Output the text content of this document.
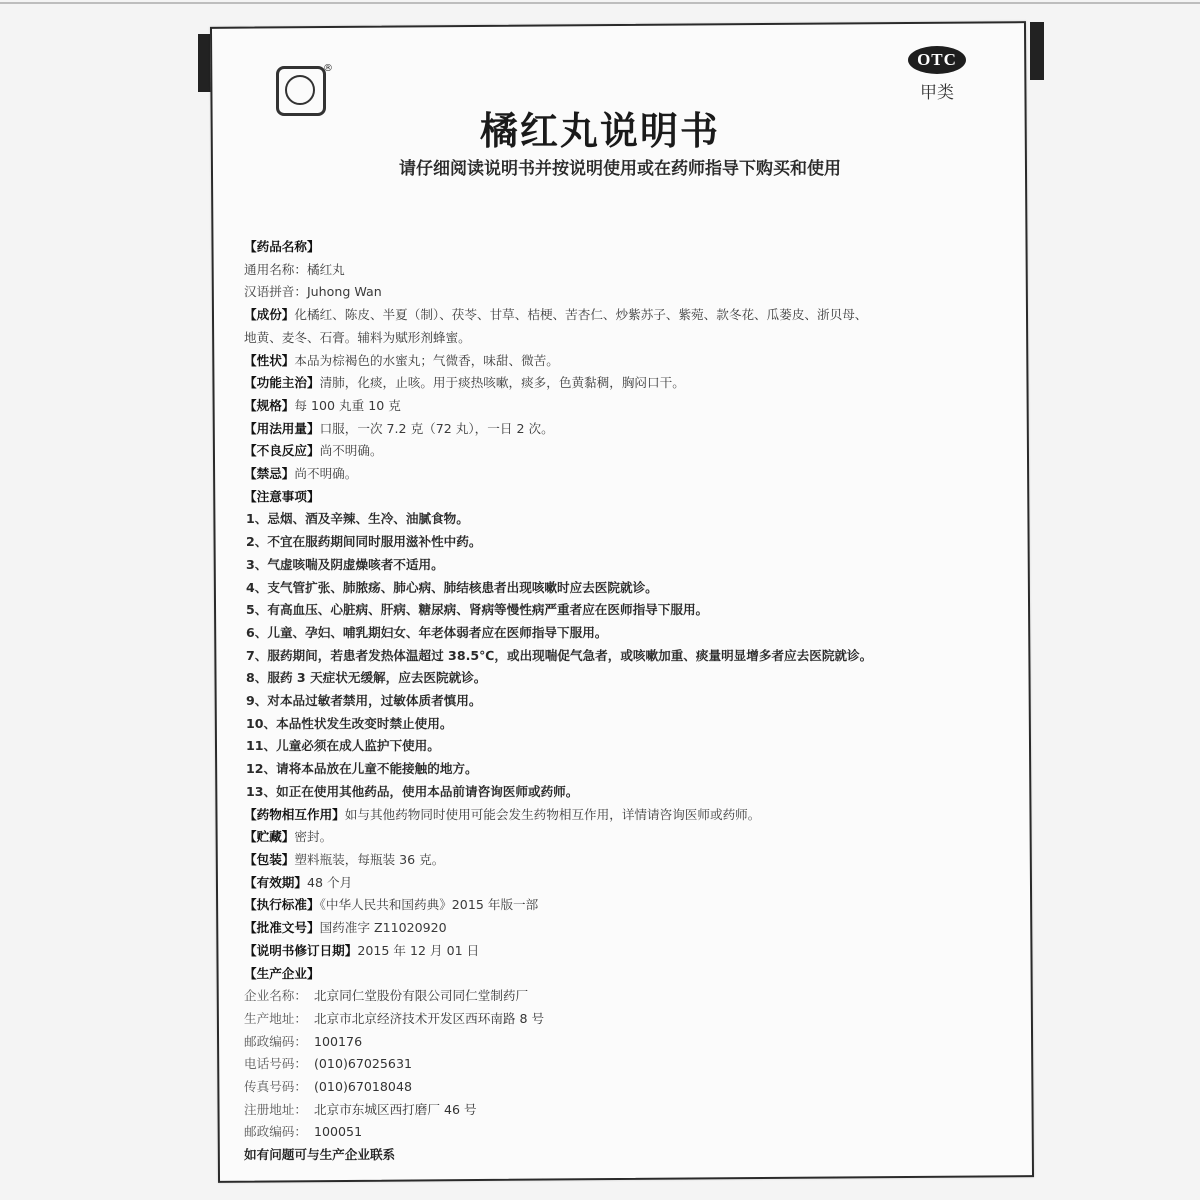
®	OTC
甲类
橘红丸说明书
请仔细阅读说明书并按说明使用或在药师指导下购买和使用
【药品名称】
通用名称：橘红丸
汉语拼音：Juhong Wan
【成份】化橘红、陈皮、半夏（制）、茯苓、甘草、桔梗、苦杏仁、炒紫苏子、紫菀、款冬花、瓜蒌皮、浙贝母、
地黄、麦冬、石膏。辅料为赋形剂蜂蜜。
【性状】本品为棕褐色的水蜜丸；气微香，味甜、微苦。
【功能主治】清肺，化痰，止咳。用于痰热咳嗽，痰多，色黄黏稠，胸闷口干。
【规格】每 100 丸重 10 克
【用法用量】口服，一次 7.2 克（72 丸），一日 2 次。
【不良反应】尚不明确。
【禁忌】尚不明确。
【注意事项】
1、忌烟、酒及辛辣、生冷、油腻食物。
2、不宜在服药期间同时服用滋补性中药。
3、气虚咳喘及阴虚燥咳者不适用。
4、支气管扩张、肺脓疡、肺心病、肺结核患者出现咳嗽时应去医院就诊。
5、有高血压、心脏病、肝病、糖尿病、肾病等慢性病严重者应在医师指导下服用。
6、儿童、孕妇、哺乳期妇女、年老体弱者应在医师指导下服用。
7、服药期间，若患者发热体温超过 38.5℃，或出现喘促气急者，或咳嗽加重、痰量明显增多者应去医院就诊。
8、服药 3 天症状无缓解，应去医院就诊。
9、对本品过敏者禁用，过敏体质者慎用。
10、本品性状发生改变时禁止使用。
11、儿童必须在成人监护下使用。
12、请将本品放在儿童不能接触的地方。
13、如正在使用其他药品，使用本品前请咨询医师或药师。
【药物相互作用】如与其他药物同时使用可能会发生药物相互作用，详情请咨询医师或药师。
【贮藏】密封。
【包装】塑料瓶装，每瓶装 36 克。
【有效期】48 个月
【执行标准】《中华人民共和国药典》2015 年版一部
【批准文号】国药准字 Z11020920
【说明书修订日期】2015 年 12 月 01 日
【生产企业】
企业名称： 北京同仁堂股份有限公司同仁堂制药厂
生产地址： 北京市北京经济技术开发区西环南路 8 号
邮政编码： 100176
电话号码： (010)67025631
传真号码： (010)67018048
注册地址： 北京市东城区西打磨厂 46 号
邮政编码： 100051
如有问题可与生产企业联系
